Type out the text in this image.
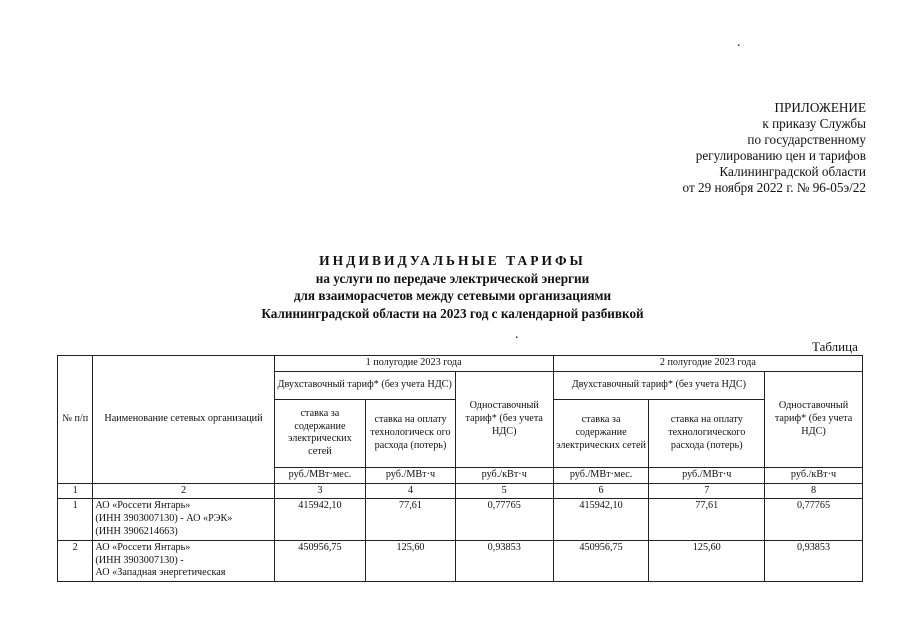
.
.
ПРИЛОЖЕНИЕ
к приказу Службы
по государственному
регулированию цен и тарифов
Калининградской области
от 29 ноября 2022 г. № 96-05э/22
ИНДИВИДУАЛЬНЫЕ ТАРИФЫ
на услуги по передаче электрической энергии
для взаиморасчетов между сетевыми организациями
Калининградской области на 2023 год с календарной разбивкой
Таблица
№ п/п	Наименование сетевых организаций	1 полугодие 2023 года			2 полугодие 2023 года		
		Двухставочный тариф* (без учета НДС)		Одноставочный тариф* (без учета НДС)	Двухставочный тариф* (без учета НДС)		Одноставочный тариф* (без учета НДС)
		ставка за содержание электрических сетей	ставка на оплату технологическ ого расхода (потерь)		ставка за содержание электрических сетей	ставка на оплату технологического расхода (потерь)	
		руб./МВт·мес.	руб./МВт·ч	руб./кВт·ч	руб./МВт·мес.	руб./МВт·ч	руб./кВт·ч
1	2	3	4	5	6	7	8
1	АО «Россети Янтарь»
(ИНН 3903007130) - АО «РЭК»
(ИНН 3906214663)	415942,10	77,61	0,77765	415942,10	77,61	0,77765
2	АО «Россети Янтарь»
(ИНН 3903007130) -
АО «Западная энергетическая	450956,75	125,60	0,93853	450956,75	125,60	0,93853
